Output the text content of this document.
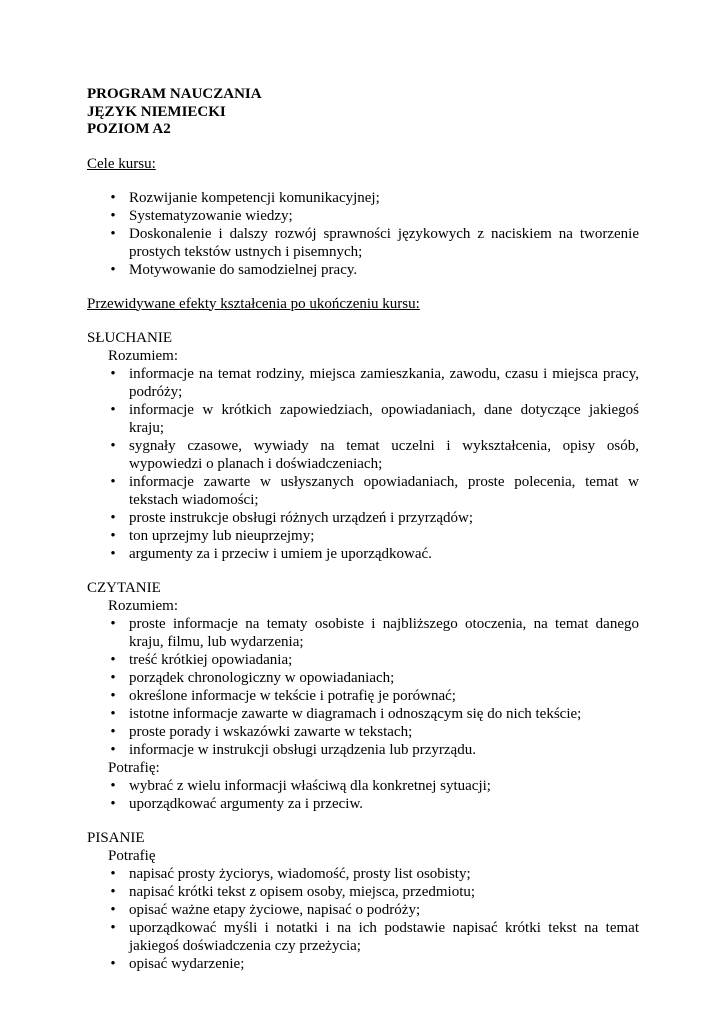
PROGRAM NAUCZANIA
JĘZYK NIEMIECKI
POZIOM A2
Cele kursu:
• Rozwijanie kompetencji komunikacyjnej;
• Systematyzowanie wiedzy;
• Doskonalenie i dalszy rozwój sprawności językowych z naciskiem na tworzenie prostych tekstów ustnych i pisemnych;
• Motywowanie do samodzielnej pracy.
Przewidywane efekty kształcenia po ukończeniu kursu:
SŁUCHANIE
Rozumiem:
• informacje na temat rodziny, miejsca zamieszkania, zawodu, czasu i miejsca pracy, podróży;
• informacje w krótkich zapowiedziach, opowiadaniach, dane dotyczące jakiegoś kraju;
• sygnały czasowe, wywiady na temat uczelni i wykształcenia, opisy osób, wypowiedzi o planach i doświadczeniach;
• informacje zawarte w usłyszanych opowiadaniach, proste polecenia, temat w tekstach wiadomości;
• proste instrukcje obsługi różnych urządzeń i przyrządów;
• ton uprzejmy lub nieuprzejmy;
• argumenty za i przeciw i umiem je uporządkować.
CZYTANIE
Rozumiem:
• proste informacje na tematy osobiste i najbliższego otoczenia, na temat danego kraju, filmu, lub wydarzenia;
• treść krótkiej opowiadania;
• porządek chronologiczny w opowiadaniach;
• określone informacje w tekście i potrafię je porównać;
• istotne informacje zawarte w diagramach i odnoszącym się do nich tekście;
• proste porady i wskazówki zawarte w tekstach;
• informacje w instrukcji obsługi urządzenia lub przyrządu.
Potrafię:
• wybrać z wielu informacji właściwą dla konkretnej sytuacji;
• uporządkować argumenty za i przeciw.
PISANIE
Potrafię
• napisać prosty życiorys, wiadomość, prosty list osobisty;
• napisać krótki tekst z opisem osoby, miejsca, przedmiotu;
• opisać ważne etapy życiowe, napisać o podróży;
• uporządkować myśli i notatki i na ich podstawie napisać krótki tekst na temat jakiegoś doświadczenia czy przeżycia;
• opisać wydarzenie;
